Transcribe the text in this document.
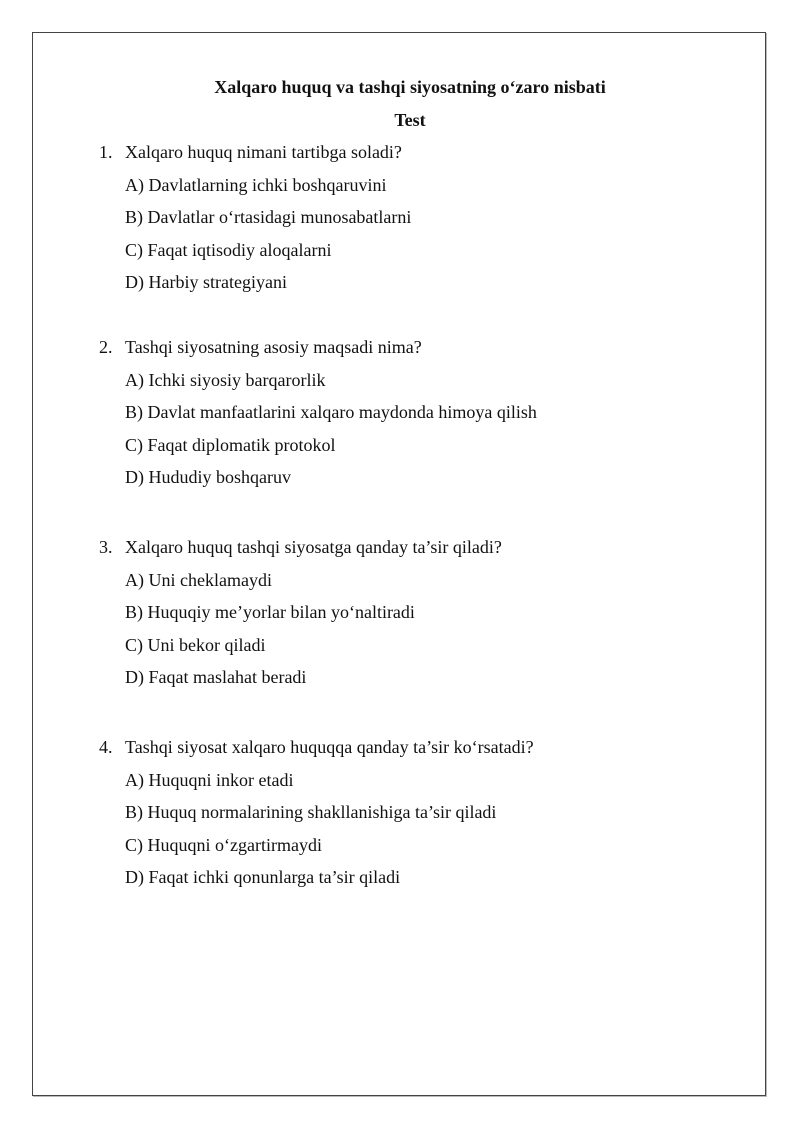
Xalqaro huquq va tashqi siyosatning o‘zaro nisbati
Test
1. Xalqaro huquq nimani tartibga soladi?
A) Davlatlarning ichki boshqaruvini
B) Davlatlar o‘rtasidagi munosabatlarni
C) Faqat iqtisodiy aloqalarni
D) Harbiy strategiyani
2. Tashqi siyosatning asosiy maqsadi nima?
A) Ichki siyosiy barqarorlik
B) Davlat manfaatlarini xalqaro maydonda himoya qilish
C) Faqat diplomatik protokol
D) Hududiy boshqaruv
3. Xalqaro huquq tashqi siyosatga qanday ta’sir qiladi?
A) Uni cheklamaydi
B) Huquqiy me’yorlar bilan yo‘naltiradi
C) Uni bekor qiladi
D) Faqat maslahat beradi
4. Tashqi siyosat xalqaro huquqqa qanday ta’sir ko‘rsatadi?
A) Huquqni inkor etadi
B) Huquq normalarining shakllanishiga ta’sir qiladi
C) Huquqni o‘zgartirmaydi
D) Faqat ichki qonunlarga ta’sir qiladi
